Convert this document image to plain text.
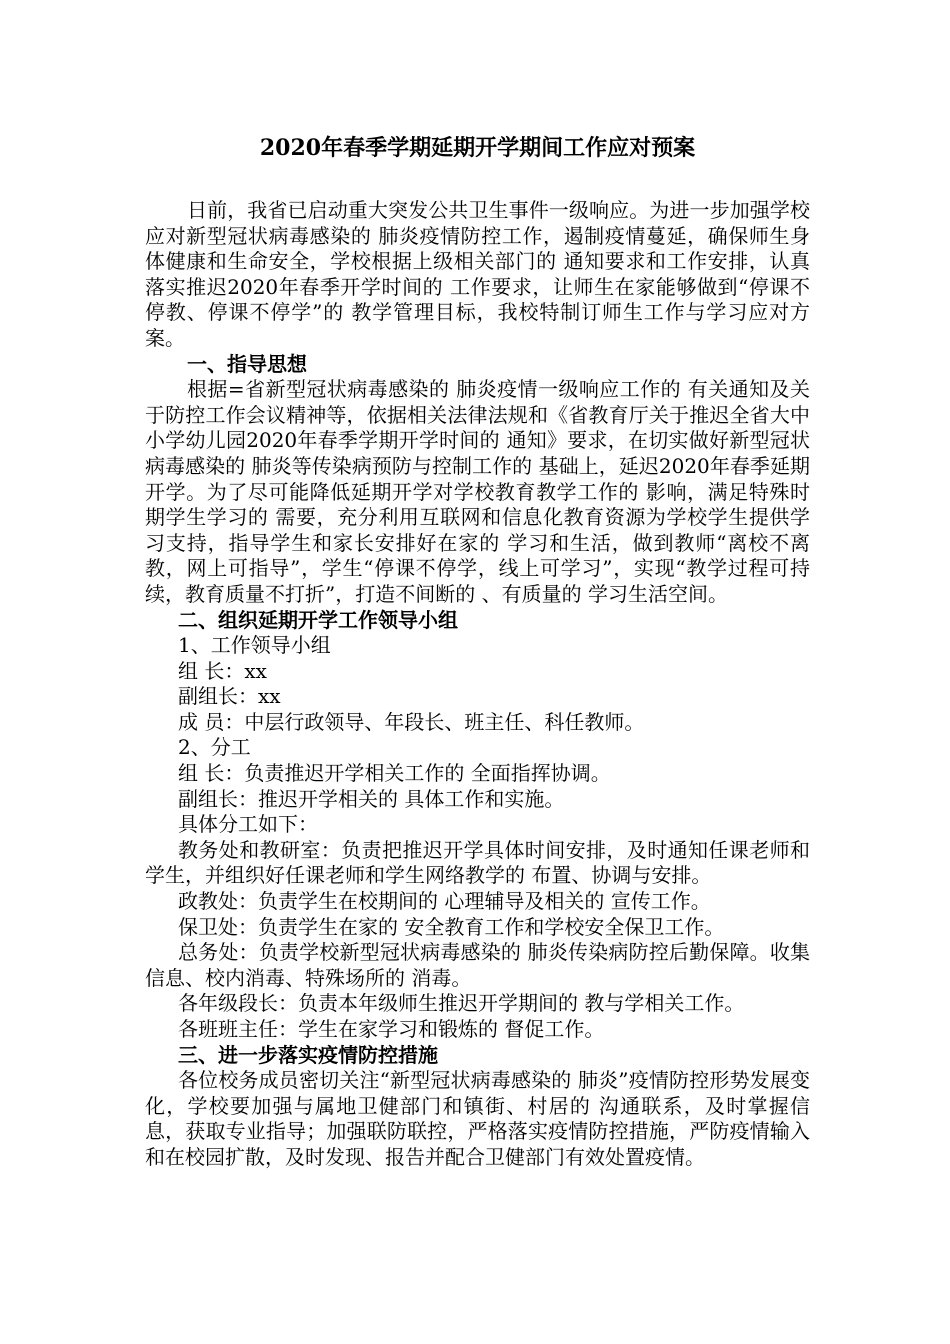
2020年春季学期延期开学期间工作应对预案

日前，我省已启动重大突发公共卫生事件一级响应。为进一步加强学校应对新型冠状病毒感染的 肺炎疫情防控工作，遏制疫情蔓延，确保师生身体健康和生命安全，学校根据上级相关部门的 通知要求和工作安排，认真落实推迟2020年春季开学时间的 工作要求，让师生在家能够做到“停课不停教、停课不停学”的 教学管理目标，我校特制订师生工作与学习应对方案。

一、指导思想

根据=省新型冠状病毒感染的 肺炎疫情一级响应工作的 有关通知及关于防控工作会议精神等，依据相关法律法规和《省教育厅关于推迟全省大中小学幼儿园2020年春季学期开学时间的 通知》要求，在切实做好新型冠状病毒感染的 肺炎等传染病预防与控制工作的 基础上，延迟2020年春季延期开学。为了尽可能降低延期开学对学校教育教学工作的 影响，满足特殊时期学生学习的 需要，充分利用互联网和信息化教育资源为学校学生提供学习支持，指导学生和家长安排好在家的 学习和生活，做到教师“离校不离教，网上可指导”，学生“停课不停学，线上可学习”，实现“教学过程可持续，教育质量不打折”，打造不间断的 、有质量的 学习生活空间。

二、组织延期开学工作领导小组

1、工作领导小组

组 长：xx

副组长：xx

成 员：中层行政领导、年段长、班主任、科任教师。

2、分工

组 长：负责推迟开学相关工作的 全面指挥协调。

副组长：推迟开学相关的 具体工作和实施。

具体分工如下：

教务处和教研室：负责把推迟开学具体时间安排，及时通知任课老师和学生，并组织好任课老师和学生网络教学的 布置、协调与安排。

政教处：负责学生在校期间的 心理辅导及相关的 宣传工作。

保卫处：负责学生在家的 安全教育工作和学校安全保卫工作。

总务处：负责学校新型冠状病毒感染的 肺炎传染病防控后勤保障。收集信息、校内消毒、特殊场所的 消毒。

各年级段长：负责本年级师生推迟开学期间的 教与学相关工作。

各班班主任：学生在家学习和锻炼的 督促工作。

三、进一步落实疫情防控措施

各位校务成员密切关注“新型冠状病毒感染的 肺炎”疫情防控形势发展变化，学校要加强与属地卫健部门和镇街、村居的 沟通联系，及时掌握信息，获取专业指导；加强联防联控，严格落实疫情防控措施，严防疫情输入和在校园扩散，及时发现、报告并配合卫健部门有效处置疫情。
